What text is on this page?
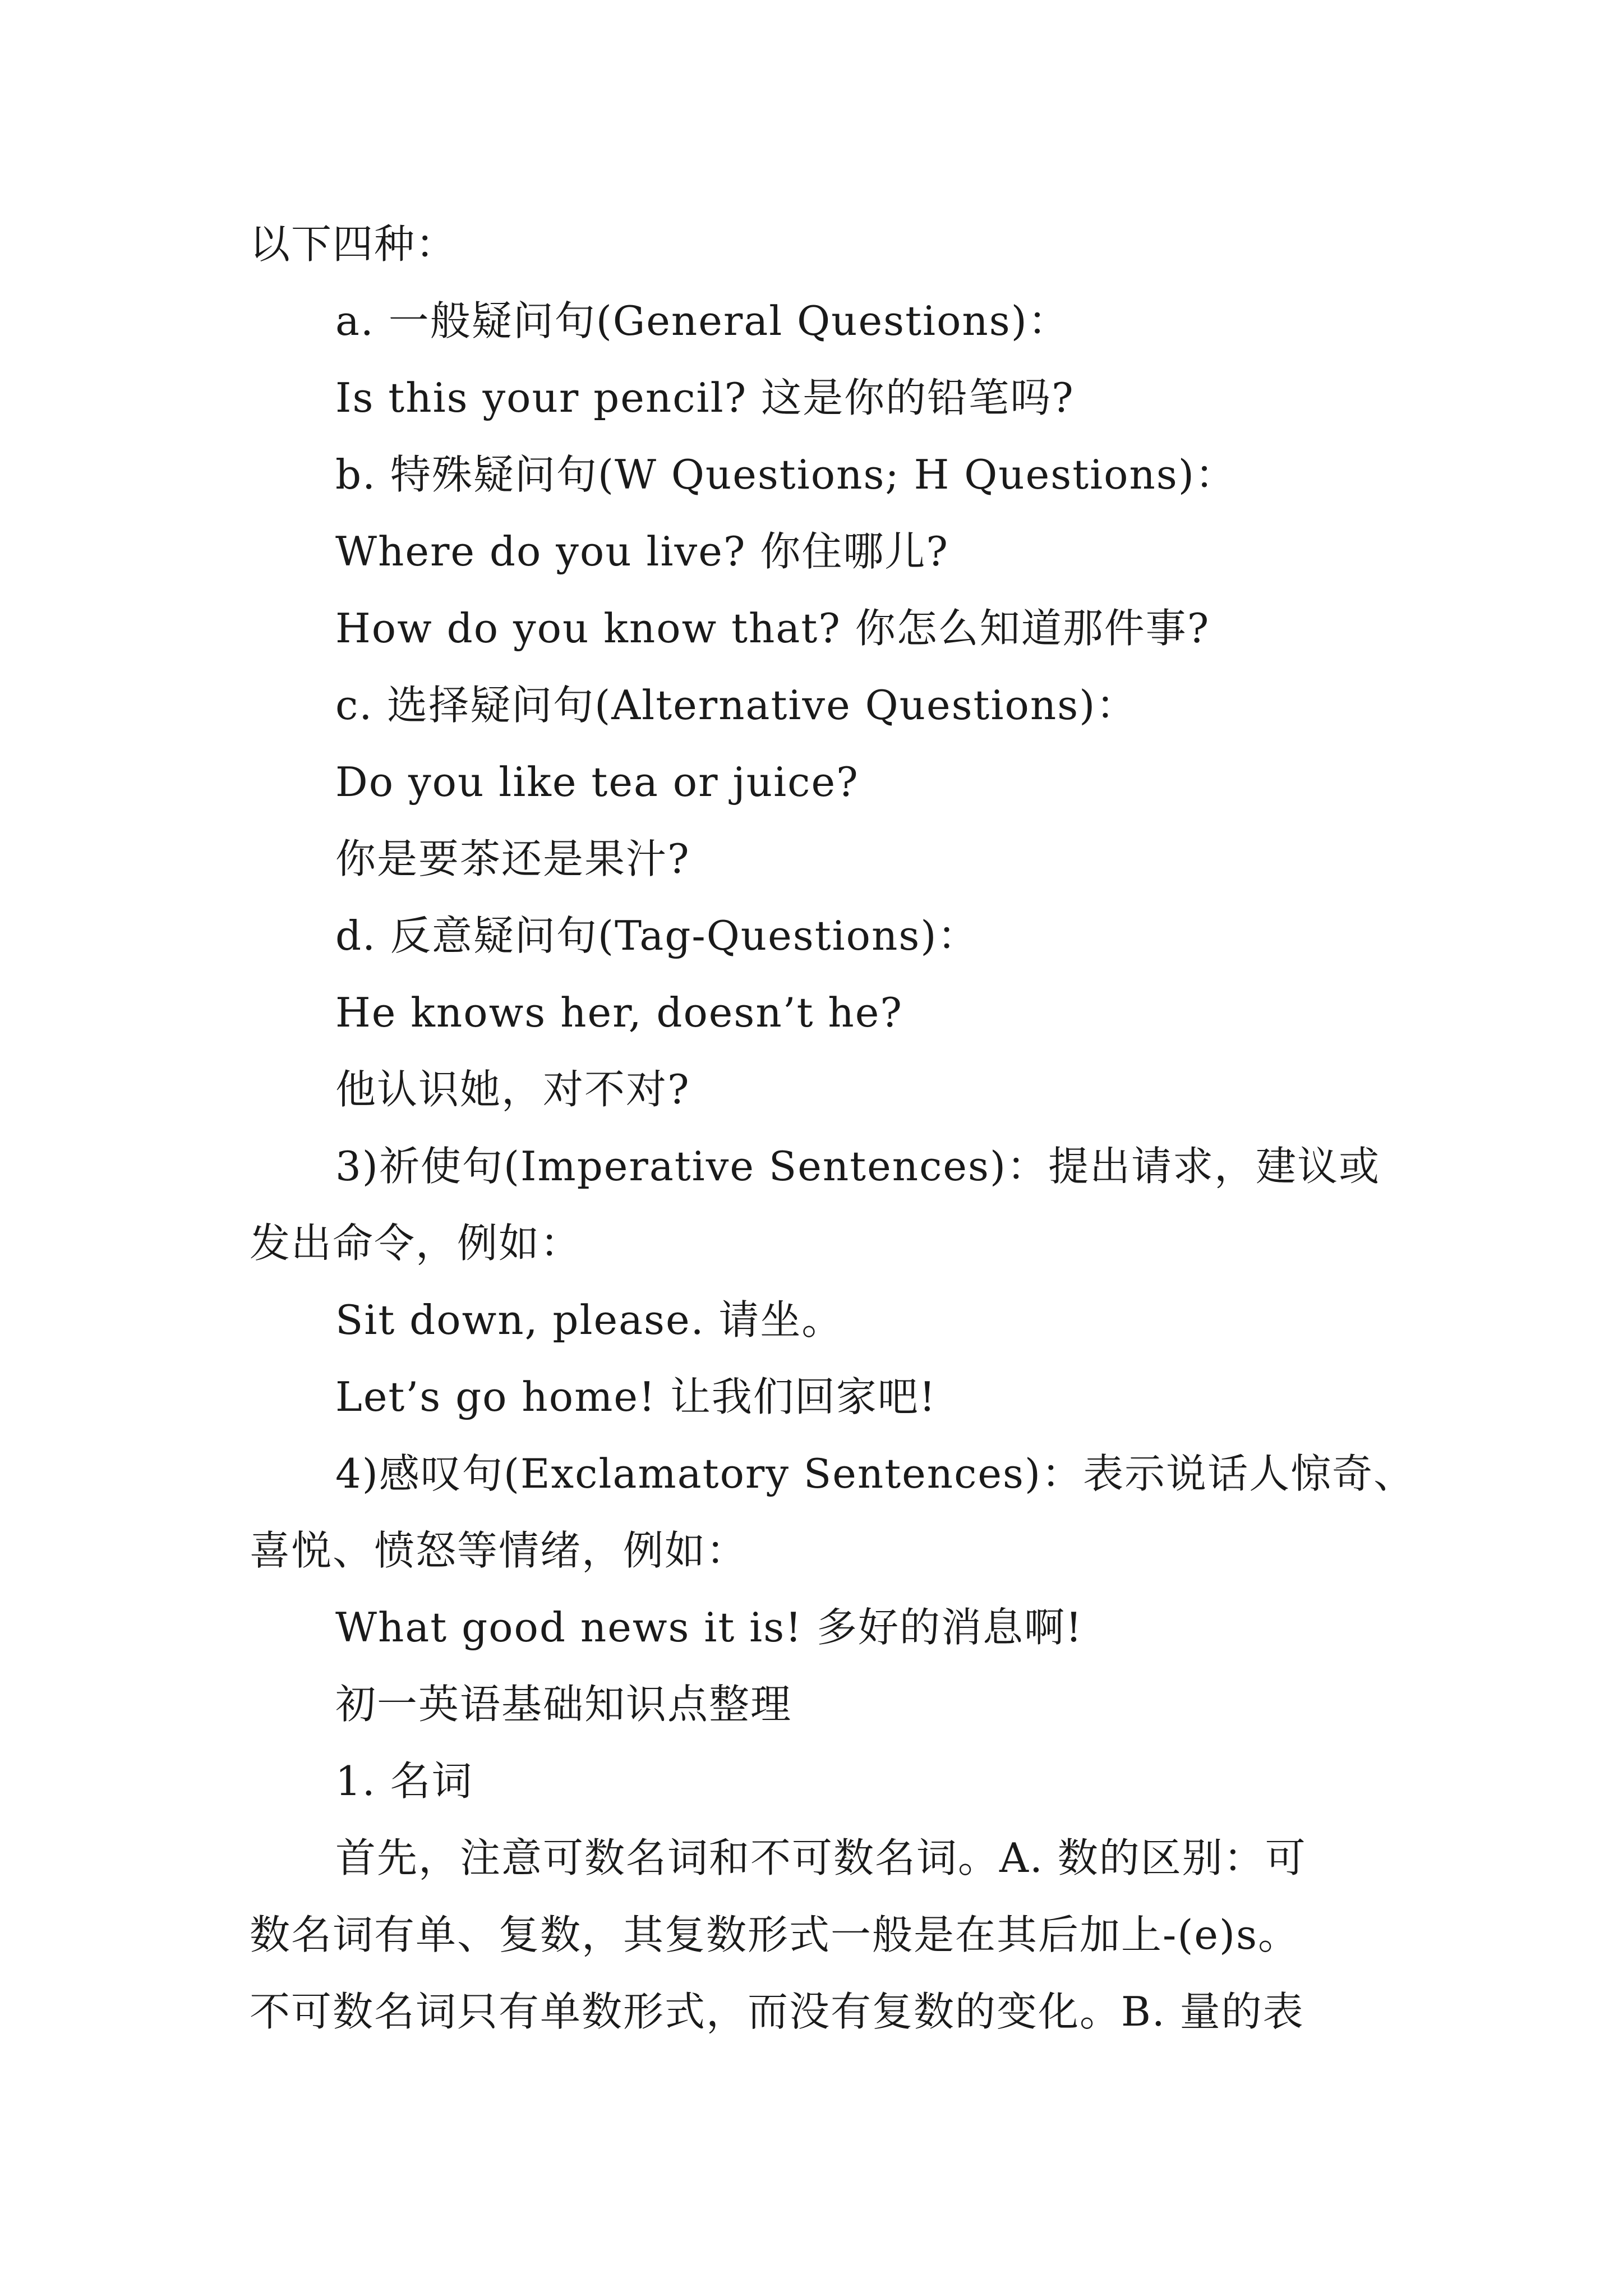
以下四种：
a. 一般疑问句(General Questions)：
Is this your pencil? 这是你的铅笔吗?
b. 特殊疑问句(W Questions; H Questions)：
Where do you live? 你住哪儿?
How do you know that? 你怎么知道那件事?
c. 选择疑问句(Alternative Questions)：
Do you like tea or juice?
你是要茶还是果汁?
d. 反意疑问句(Tag-Questions)：
He knows her, doesn’t he?
他认识她，对不对?
3)祈使句(Imperative Sentences)：提出请求，建议或
发出命令，例如：
Sit down, please. 请坐。
Let’s go home! 让我们回家吧!
4)感叹句(Exclamatory Sentences)：表示说话人惊奇、
喜悦、愤怒等情绪，例如：
What good news it is! 多好的消息啊!
初一英语基础知识点整理
1. 名词
首先，注意可数名词和不可数名词。A. 数的区别：可
数名词有单、复数，其复数形式一般是在其后加上-(e)s。
不可数名词只有单数形式，而没有复数的变化。B. 量的表
